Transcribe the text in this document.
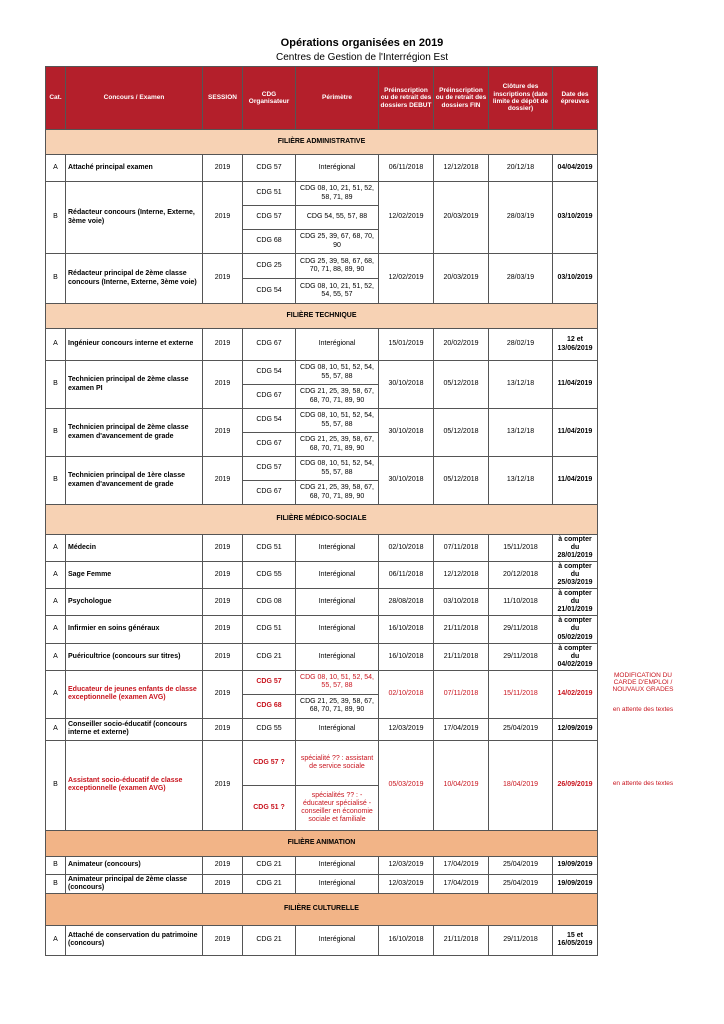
Opérations organisées en 2019
Centres de Gestion de l'Interrégion Est
Cat.	Concours / Examen	SESSION	CDG Organisateur	Périmètre	Préinscription ou de retrait des dossiers DEBUT	Préinscription ou de retrait des dossiers FIN	Clôture des inscriptions (date limite de dépôt de dossier)	Date des épreuves
FILIÈRE ADMINISTRATIVE								
A	Attaché principal examen	2019	CDG 57	Interégional	06/11/2018	12/12/2018	20/12/18	04/04/2019
B	Rédacteur concours (Interne, Externe, 3ème voie)	2019	CDG 51	CDG 08, 10, 21, 51, 52, 58, 71, 89	12/02/2019	20/03/2019	28/03/19	03/10/2019
			CDG 57	CDG 54, 55, 57, 88				
			CDG 68	CDG 25, 39, 67, 68, 70, 90				
B	Rédacteur principal de 2ème classe concours (Interne, Externe, 3ème voie)	2019	CDG 25	CDG 25, 39, 58, 67, 68, 70, 71, 88, 89, 90	12/02/2019	20/03/2019	28/03/19	03/10/2019
			CDG 54	CDG 08, 10, 21, 51, 52, 54, 55, 57				
FILIÈRE TECHNIQUE								
A	Ingénieur concours interne et externe	2019	CDG 67	Interégional	15/01/2019	20/02/2019	28/02/19	12 et 13/06/2019
B	Technicien principal de 2ème classe examen PI	2019	CDG 54	CDG 08, 10, 51, 52, 54, 55, 57, 88	30/10/2018	05/12/2018	13/12/18	11/04/2019
			CDG 67	CDG 21, 25, 39, 58, 67, 68, 70, 71, 89, 90				
B	Technicien principal de 2ème classe examen d'avancement de grade	2019	CDG 54	CDG 08, 10, 51, 52, 54, 55, 57, 88	30/10/2018	05/12/2018	13/12/18	11/04/2019
			CDG 67	CDG 21, 25, 39, 58, 67, 68, 70, 71, 89, 90				
B	Technicien principal de 1ère classe examen d'avancement de grade	2019	CDG 57	CDG 08, 10, 51, 52, 54, 55, 57, 88	30/10/2018	05/12/2018	13/12/18	11/04/2019
			CDG 67	CDG 21, 25, 39, 58, 67, 68, 70, 71, 89, 90				
FILIÈRE MÉDICO-SOCIALE								
A	Médecin	2019	CDG 51	Interégional	02/10/2018	07/11/2018	15/11/2018	à compter du 28/01/2019
A	Sage Femme	2019	CDG 55	Interégional	06/11/2018	12/12/2018	20/12/2018	à compter du 25/03/2019
A	Psychologue	2019	CDG 08	Interégional	28/08/2018	03/10/2018	11/10/2018	à compter du 21/01/2019
A	Infirmier en soins généraux	2019	CDG 51	Interégional	16/10/2018	21/11/2018	29/11/2018	à compter du 05/02/2019
A	Puéricultrice (concours sur titres)	2019	CDG 21	Interégional	16/10/2018	21/11/2018	29/11/2018	à compter du 04/02/2019
A	Educateur de jeunes enfants de classe exceptionnelle (examen AVG)	2019	CDG 57	CDG 08, 10, 51, 52, 54, 55, 57, 88	02/10/2018	07/11/2018	15/11/2018	14/02/2019
			CDG 68	CDG 21, 25, 39, 58, 67, 68, 70, 71, 89, 90				
A	Conseiller socio-éducatif (concours interne et externe)	2019	CDG 55	Interégional	12/03/2019	17/04/2019	25/04/2019	12/09/2019
B	Assistant socio-éducatif de classe exceptionnelle (examen AVG)	2019	CDG 57 ?	spécialité ?? : assistant de service sociale	05/03/2019	10/04/2019	18/04/2019	26/09/2019
			CDG 51 ?	spécialités ?? : - éducateur spécialisé - conseiller en économie sociale et familiale				
FILIÈRE ANIMATION								
B	Animateur (concours)	2019	CDG 21	Interégional	12/03/2019	17/04/2019	25/04/2019	19/09/2019
B	Animateur principal de 2ème classe (concours)	2019	CDG 21	Interégional	12/03/2019	17/04/2019	25/04/2019	19/09/2019
FILIÈRE CULTURELLE								
A	Attaché de conservation du patrimoine (concours)	2019	CDG 21	Interégional	16/10/2018	21/11/2018	29/11/2018	15 et 16/05/2019
MODIFICATION DU CARDE D'EMPLOI / NOUVAUX GRADES
en attente des textes
en attente des textes
